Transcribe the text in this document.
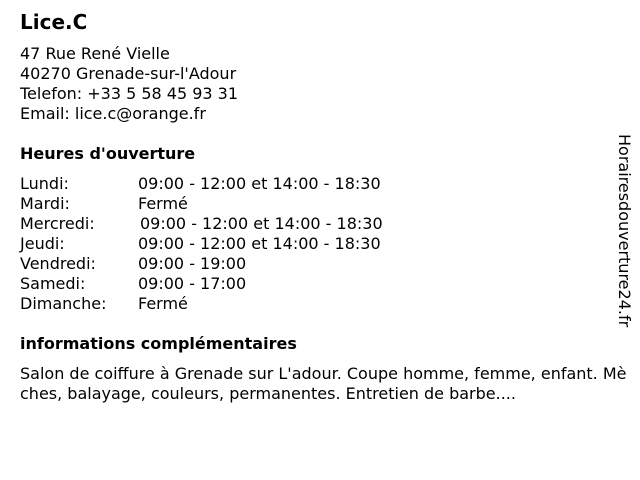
Lice.C
47 Rue René Vielle
40270 Grenade-sur-l'Adour
Telefon: +33 5 58 45 93 31
Email: lice.c@orange.fr
Heures d'ouverture
Lundi:	09:00 - 12:00 et 14:00 - 18:30
Mardi:	Fermé
Mercredi:	09:00 - 12:00 et 14:00 - 18:30
Jeudi:	09:00 - 12:00 et 14:00 - 18:30
Vendredi:	09:00 - 19:00
Samedi:	09:00 - 17:00
Dimanche:	Fermé
informations complémentaires

Salon de coiffure à Grenade sur L'adour. Coupe homme, femme, enfant. Mèches, balayage, couleurs, permanentes. Entretien de barbe....

Horairesdouverture24.fr
